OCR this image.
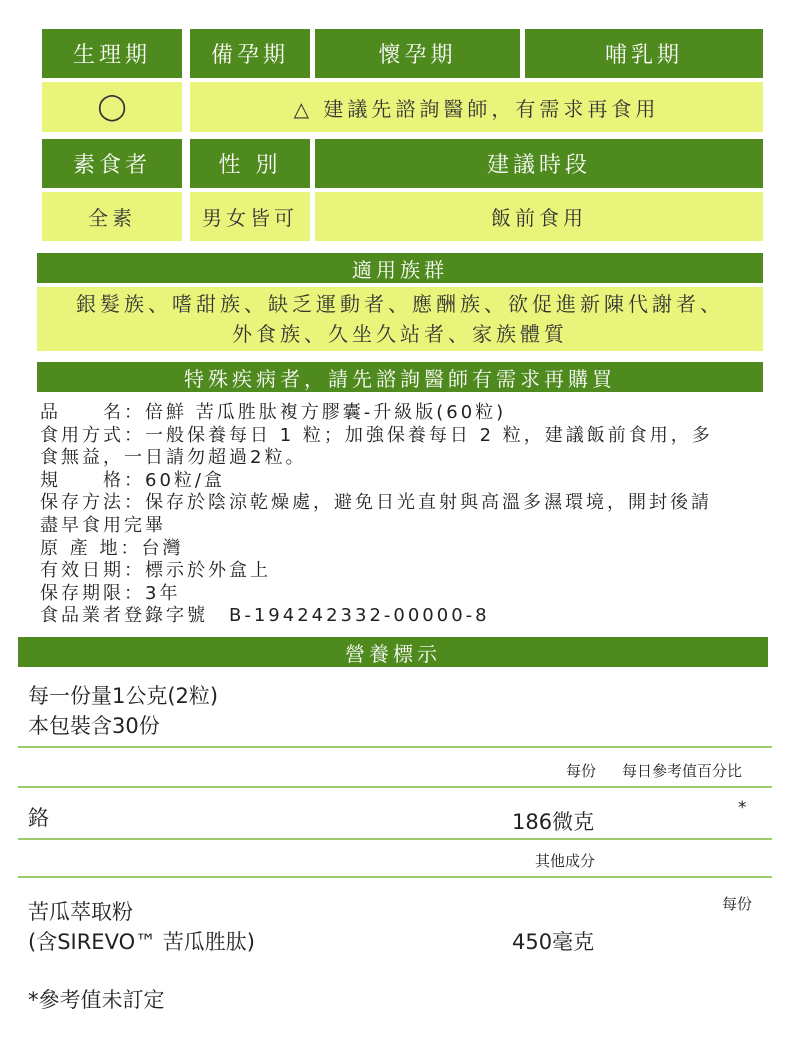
生理期	備孕期	懷孕期	哺乳期
◯	△ 建議先諮詢醫師，有需求再食用
素食者	性 別	建議時段
全素	男女皆可	飯前食用
適用族群
銀髮族、嗜甜族、缺乏運動者、應酬族、欲促進新陳代謝者、
外食族、久坐久站者、家族體質
特殊疾病者，請先諮詢醫師有需求再購買
品　　名：倍鮮 苦瓜胜肽複方膠囊-升級版(60粒)
食用方式：一般保養每日 1 粒；加強保養每日 2 粒，建議飯前食用，多
食無益，一日請勿超過2粒。
規　　格：60粒/盒
保存方法：保存於陰涼乾燥處，避免日光直射與高溫多濕環境，開封後請
盡早食用完畢
原 產 地：台灣
有效日期：標示於外盒上
保存期限：3年
食品業者登錄字號　B-194242332-00000-8
營養標示
每一份量1公克(2粒)
本包裝含30份
每份 每日參考值百分比
鉻	186微克
*
其他成分
每份
苦瓜萃取粉
(含SIREVO™ 苦瓜胜肽)	450毫克
*參考值未訂定
